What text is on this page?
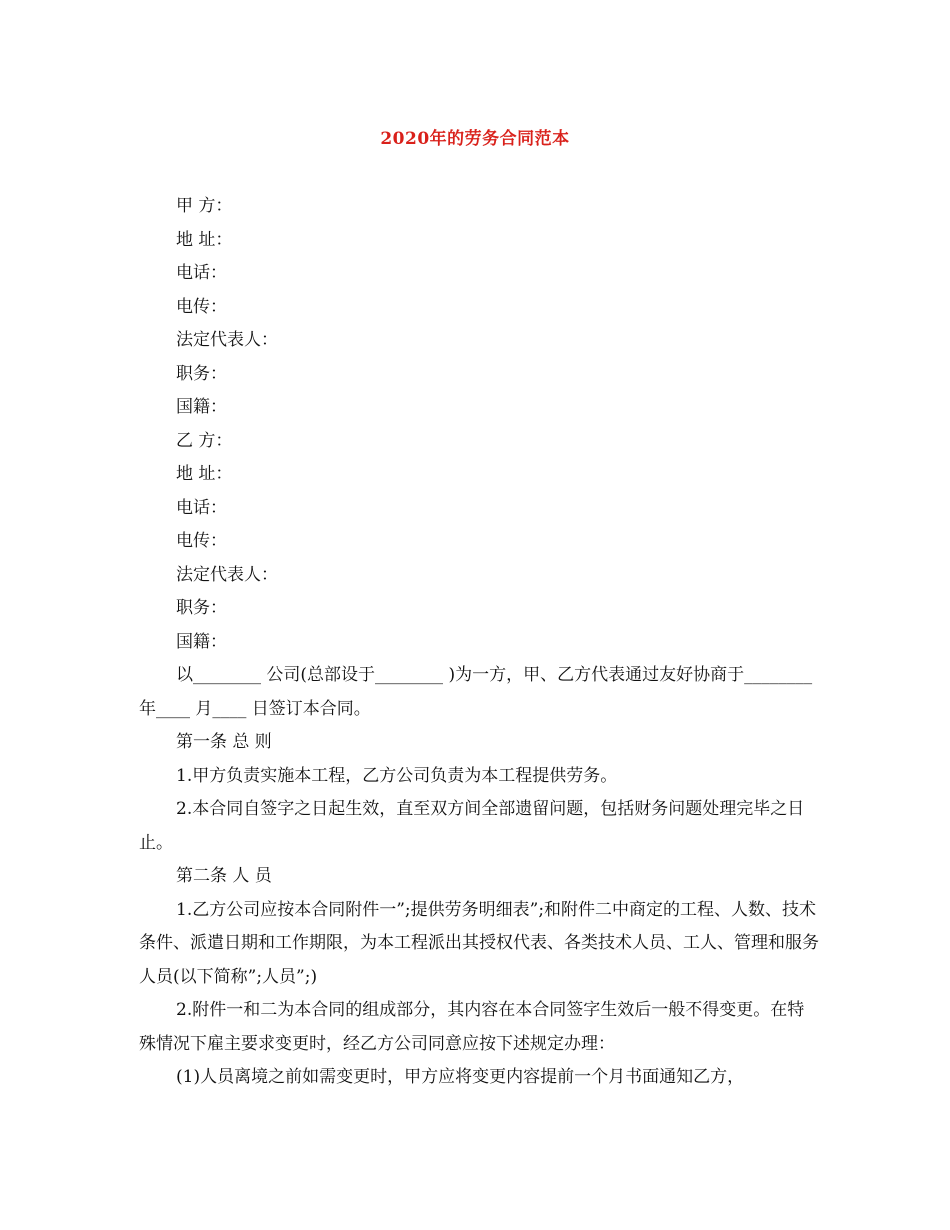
2020年的劳务合同范本

甲 方：

地 址：

电话：

电传：

法定代表人：

职务：

国籍：

乙 方：

地 址：

电话：

电传：

法定代表人：

职务：

国籍：

以________ 公司(总部设于________ )为一方，甲、乙方代表通过友好协商于________ 年____ 月____ 日签订本合同。

第一条 总 则

1.甲方负责实施本工程，乙方公司负责为本工程提供劳务。

2.本合同自签字之日起生效，直至双方间全部遗留问题，包括财务问题处理完毕之日止。

第二条 人 员

1.乙方公司应按本合同附件一”;提供劳务明细表”;和附件二中商定的工程、人数、技术条件、派遣日期和工作期限，为本工程派出其授权代表、各类技术人员、工人、管理和服务人员(以下简称”;人员”;)

2.附件一和二为本合同的组成部分，其内容在本合同签字生效后一般不得变更。在特殊情况下雇主要求变更时，经乙方公司同意应按下述规定办理：

(1)人员离境之前如需变更时，甲方应将变更内容提前一个月书面通知乙方，
